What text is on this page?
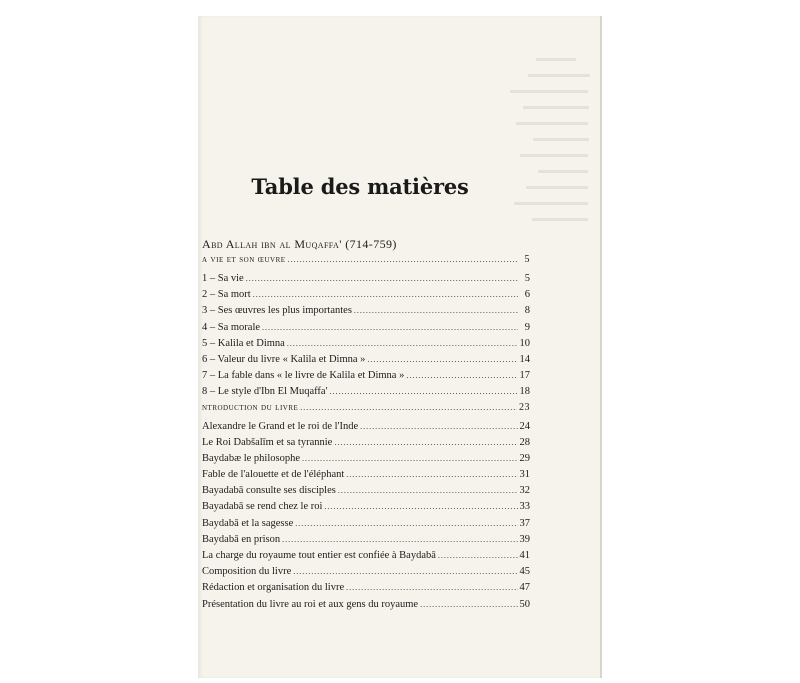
Table des matières
Abd Allah ibn al Muqaffa' (714-759)
a vie et son œuvre .....	5
1 – Sa vie .....	5
2 – Sa mort .....	6
3 – Ses œuvres les plus importantes .....	8
4 – Sa morale .....	9
5 – Kalila et Dimna .....	10
6 – Valeur du livre « Kalila et Dimna » .....	14
7 – La fable dans « le livre de Kalila et Dimna » .....	17
8 – Le style d'Ibn El Muqaffa' .....	18
ntroduction du livre .....	23
Alexandre le Grand et le roi de l'Inde .....	24
Le Roi Dabšalīm et sa tyrannie .....	28
Baydabæ le philosophe .....	29
Fable de l'alouette et de l'éléphant .....	31
Bayadabā consulte ses disciples .....	32
Bayadabā se rend chez le roi .....	33
Baydabā et la sagesse .....	37
Baydabā en prison .....	39
La charge du royaume tout entier est confiée à Baydabā .....	41
Composition du livre .....	45
Rédaction et organisation du livre .....	47
Présentation du livre au roi et aux gens du royaume .....	50
